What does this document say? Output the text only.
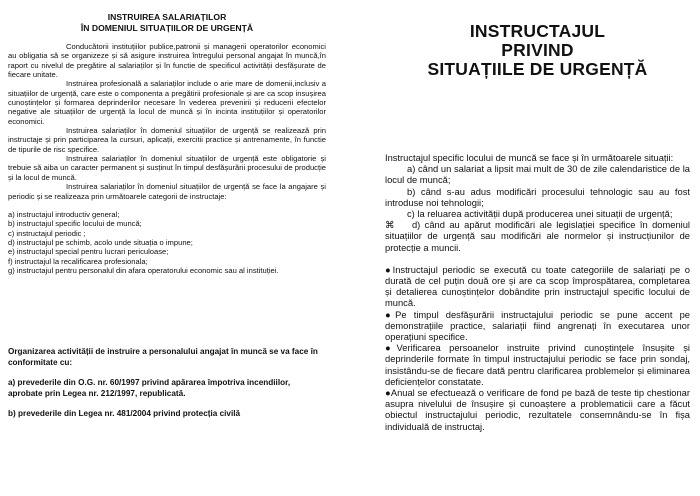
INSTRUIREA SALARIAȚILOR
ÎN DOMENIUL SITUAȚIILOR DE URGENȚĂ

Conducătorii instituțiilor publice,patronii și managerii operatorilor economici au obligatia să se organizeze și să asigure instruirea întregului personal angajat în muncă,în raport cu nivelul de pregătire al salariaților și în functie de specificul activității desfășurate de fiecare unitate.

Instruirea profesională a salariaților include o arie mare de domenii,inclusiv a situațiilor de urgență, care este o componenta a pregătirii profesionale și are ca scop insușirea cunoștințelor și formarea deprinderilor necesare în vederea prevenirii și reducerii efectelor negative ale situațiilor de urgență la locul de muncă și în incinta instituțiilor și operatorilor economici.

Instruirea salariaților în domeniul situațiilor de urgență se realizează prin instructaje și prin participarea la cursuri, aplicații, exercitii practice și antrenamente, în functie de tipurile de risc specifice.

Instruirea salariaților în domeniul situațiilor de urgență este obligatorie și trebuie să aiba un caracter permanent și susținut în timpul desfășurării procesului de producție și la locul de muncă.

Instruirea salariaților în domeniul situațiilor de urgență se face la angajare și periodic și se realizeaza prin următoarele categorii de instructaje:

a) instructajul introductiv general;
b) instructajul specific locului de muncă;
c) instructajul periodic ;
d) instructajul pe schimb, acolo unde situația o impune;
e) instructajul special pentru lucrari periculoase;
f) instructajul la recalificarea profesionala;
g) instructajul pentru personalul din afara operatorului economic sau al instituției.
Organizarea activității de instruire a personalului angajat în muncă se va face în conformitate cu:
a) prevederile din O.G. nr. 60/1997 privind apărarea împotriva incendiilor, aprobate prin Legea nr. 212/1997, republicată.
b) prevederile din Legea nr. 481/2004 privind protecția civilă
INSTRUCTAJUL
PRIVIND
SITUAȚIILE DE URGENȚĂ

Instructajul specific locului de muncă se face și în următoarele situații:

a) când un salariat a lipsit mai mult de 30 de zile calendaristice de la locul de muncă;

b) când s-au adus modificări procesului tehnologic sau au fost introduse noi tehnologii;

c) la reluarea activității după producerea unei situații de urgență;

⌘ d) când au apărut modificări ale legislației specifice în domeniul situațiilor de urgență sau modificări ale normelor și instrucțiunilor de protecție a muncii.

● Instructajul periodic se execută cu toate categoriile de salariați pe o durată de cel puțin două ore și are ca scop împrospătarea, completarea și detalierea cunoștințelor dobândite prin instructajul specific locului de muncă.

● Pe timpul desfășurării instructajului periodic se pune accent pe demonstrațiile practice, salariații fiind angrenați în executarea unor operațiuni specifice.

● Verificarea persoanelor instruite privind cunoștințele însușite și deprinderile formate în timpul instructajului periodic se face prin sondaj, insistându-se de fiecare dată pentru clarificarea problemelor și eliminarea deficiențelor constatate.

● Anual se efectuează o verificare de fond pe bază de teste tip chestionar asupra nivelului de însușire și cunoaștere a problematicii care a făcut obiectul instructajului periodic, rezultatele consemnându-se în fișa individuală de instructaj.
